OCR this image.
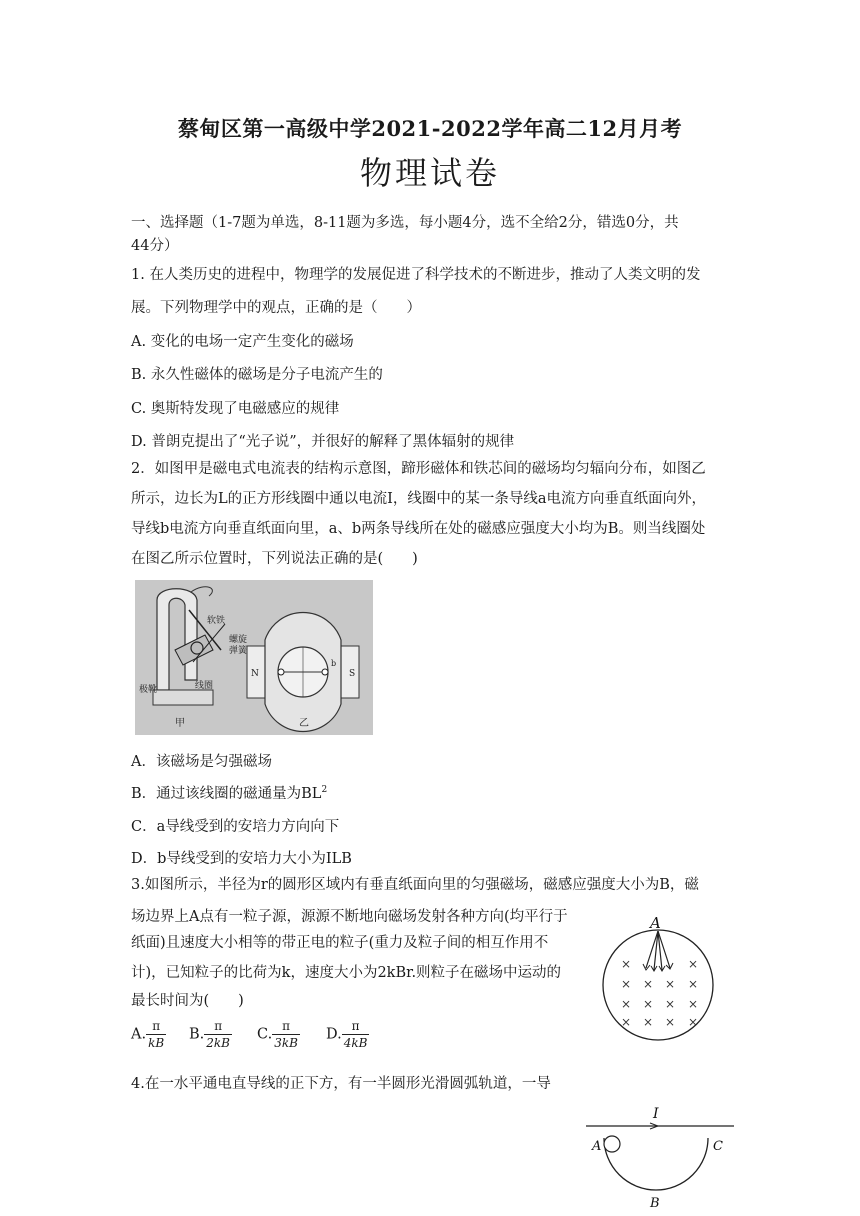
蔡甸区第一高级中学2021-2022学年高二12月月考
物理试卷
一、选择题（1-7题为单选，8-11题为多选，每小题4分，选不全给2分，错选0分，共
44分）
1. 在人类历史的进程中，物理学的发展促进了科学技术的不断进步，推动了人类文明的发
展。下列物理学中的观点，正确的是（　　）
A. 变化的电场一定产生变化的磁场
B. 永久性磁体的磁场是分子电流产生的
C. 奥斯特发现了电磁感应的规律
D. 普朗克提出了“光子说”，并很好的解释了黑体辐射的规律
2．如图甲是磁电式电流表的结构示意图，蹄形磁体和铁芯间的磁场均匀辐向分布，如图乙
所示，边长为L的正方形线圈中通以电流I，线圈中的某一条导线a电流方向垂直纸面向外，
导线b电流方向垂直纸面向里，a、b两条导线所在处的磁感应强度大小均为B。则当线圈处
在图乙所示位置时，下列说法正确的是(　　)
软铁
螺旋
弹簧
极靴	线圈
甲
N	S
b
乙
A．该磁场是匀强磁场
B．通过该线圈的磁通量为$BL^2$
C．a导线受到的安培力方向向下
D．b导线受到的安培力大小为ILB
3.如图所示，半径为r的圆形区域内有垂直纸面向里的匀强磁场，磁感应强度大小为B，磁
场边界上A点有一粒子源，源源不断地向磁场发射各种方向(均平行于
纸面)且速度大小相等的带正电的粒子(重力及粒子间的相互作用不
计)，已知粒子的比荷为k，速度大小为2kBr.则粒子在磁场中运动的
最长时间为(　　)
A
×	×
× × × ×
× × × ×
× × × ×
A. $\frac{\pi}{kB} B$. $\frac{\pi}{2kB} C$. $\frac{\pi}{3kB} D$. $\frac{\pi}{4kB}$
4.在一水平通电直导线的正下方，有一半圆形光滑圆弧轨道，一导
I
A	C
B
